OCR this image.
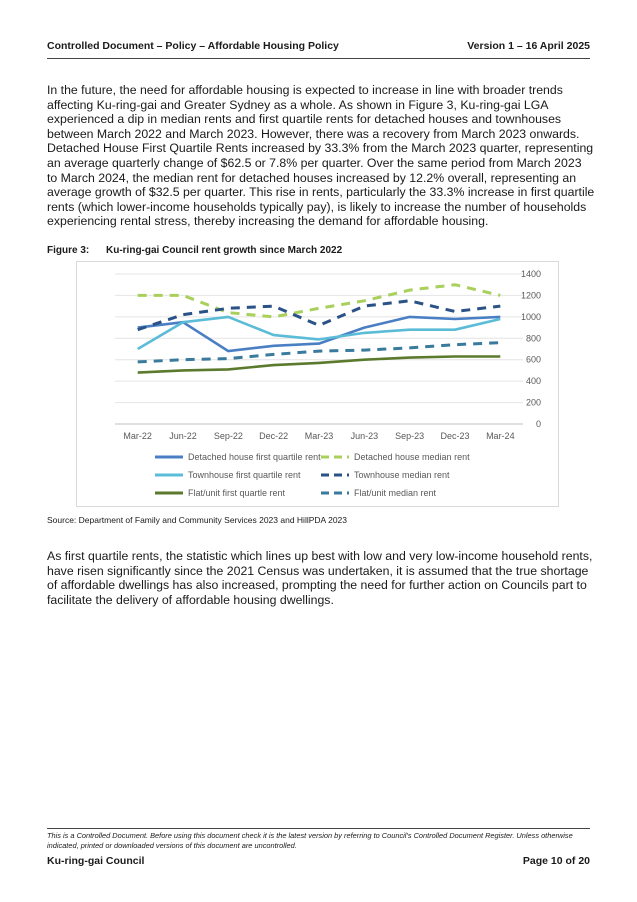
Controlled Document – Policy – Affordable Housing Policy	Version 1 – 16 April 2025

In the future, the need for affordable housing is expected to increase in line with broader trends affecting Ku-ring-gai and Greater Sydney as a whole. As shown in Figure 3, Ku-ring-gai LGA experienced a dip in median rents and first quartile rents for detached houses and townhouses between March 2022 and March 2023. However, there was a recovery from March 2023 onwards. Detached House First Quartile Rents increased by 33.3% from the March 2023 quarter, representing an average quarterly change of $62.5 or 7.8% per quarter. Over the same period from March 2023 to March 2024, the median rent for detached houses increased by 12.2% overall, representing an average growth of $32.5 per quarter. This rise in rents, particularly the 33.3% increase in first quartile rents (which lower-income households typically pay), is likely to increase the number of households experiencing rental stress, thereby increasing the demand for affordable housing.

Figure 3: Ku-ring-gai Council rent growth since March 2022
0
200
400
600
800
1000
1200
1400
Mar-22 Jun-22 Sep-22 Dec-22 Mar-23 Jun-23 Sep-23 Dec-23 Mar-24
Detached house first quartile rent	Detached house median rent
Townhouse first quartile rent	Townhouse median rent
Flat/unit first quartle rent	Flat/unit median rent
Source: Department of Family and Community Services 2023 and HillPDA 2023

As first quartile rents, the statistic which lines up best with low and very low-income household rents, have risen significantly since the 2021 Census was undertaken, it is assumed that the true shortage of affordable dwellings has also increased, prompting the need for further action on Councils part to facilitate the delivery of affordable housing dwellings.

This is a Controlled Document. Before using this document check it is the latest version by referring to Council's Controlled Document Register. Unless otherwise indicated, printed or downloaded versions of this document are uncontrolled.

Ku-ring-gai Council	Page 10 of 20
